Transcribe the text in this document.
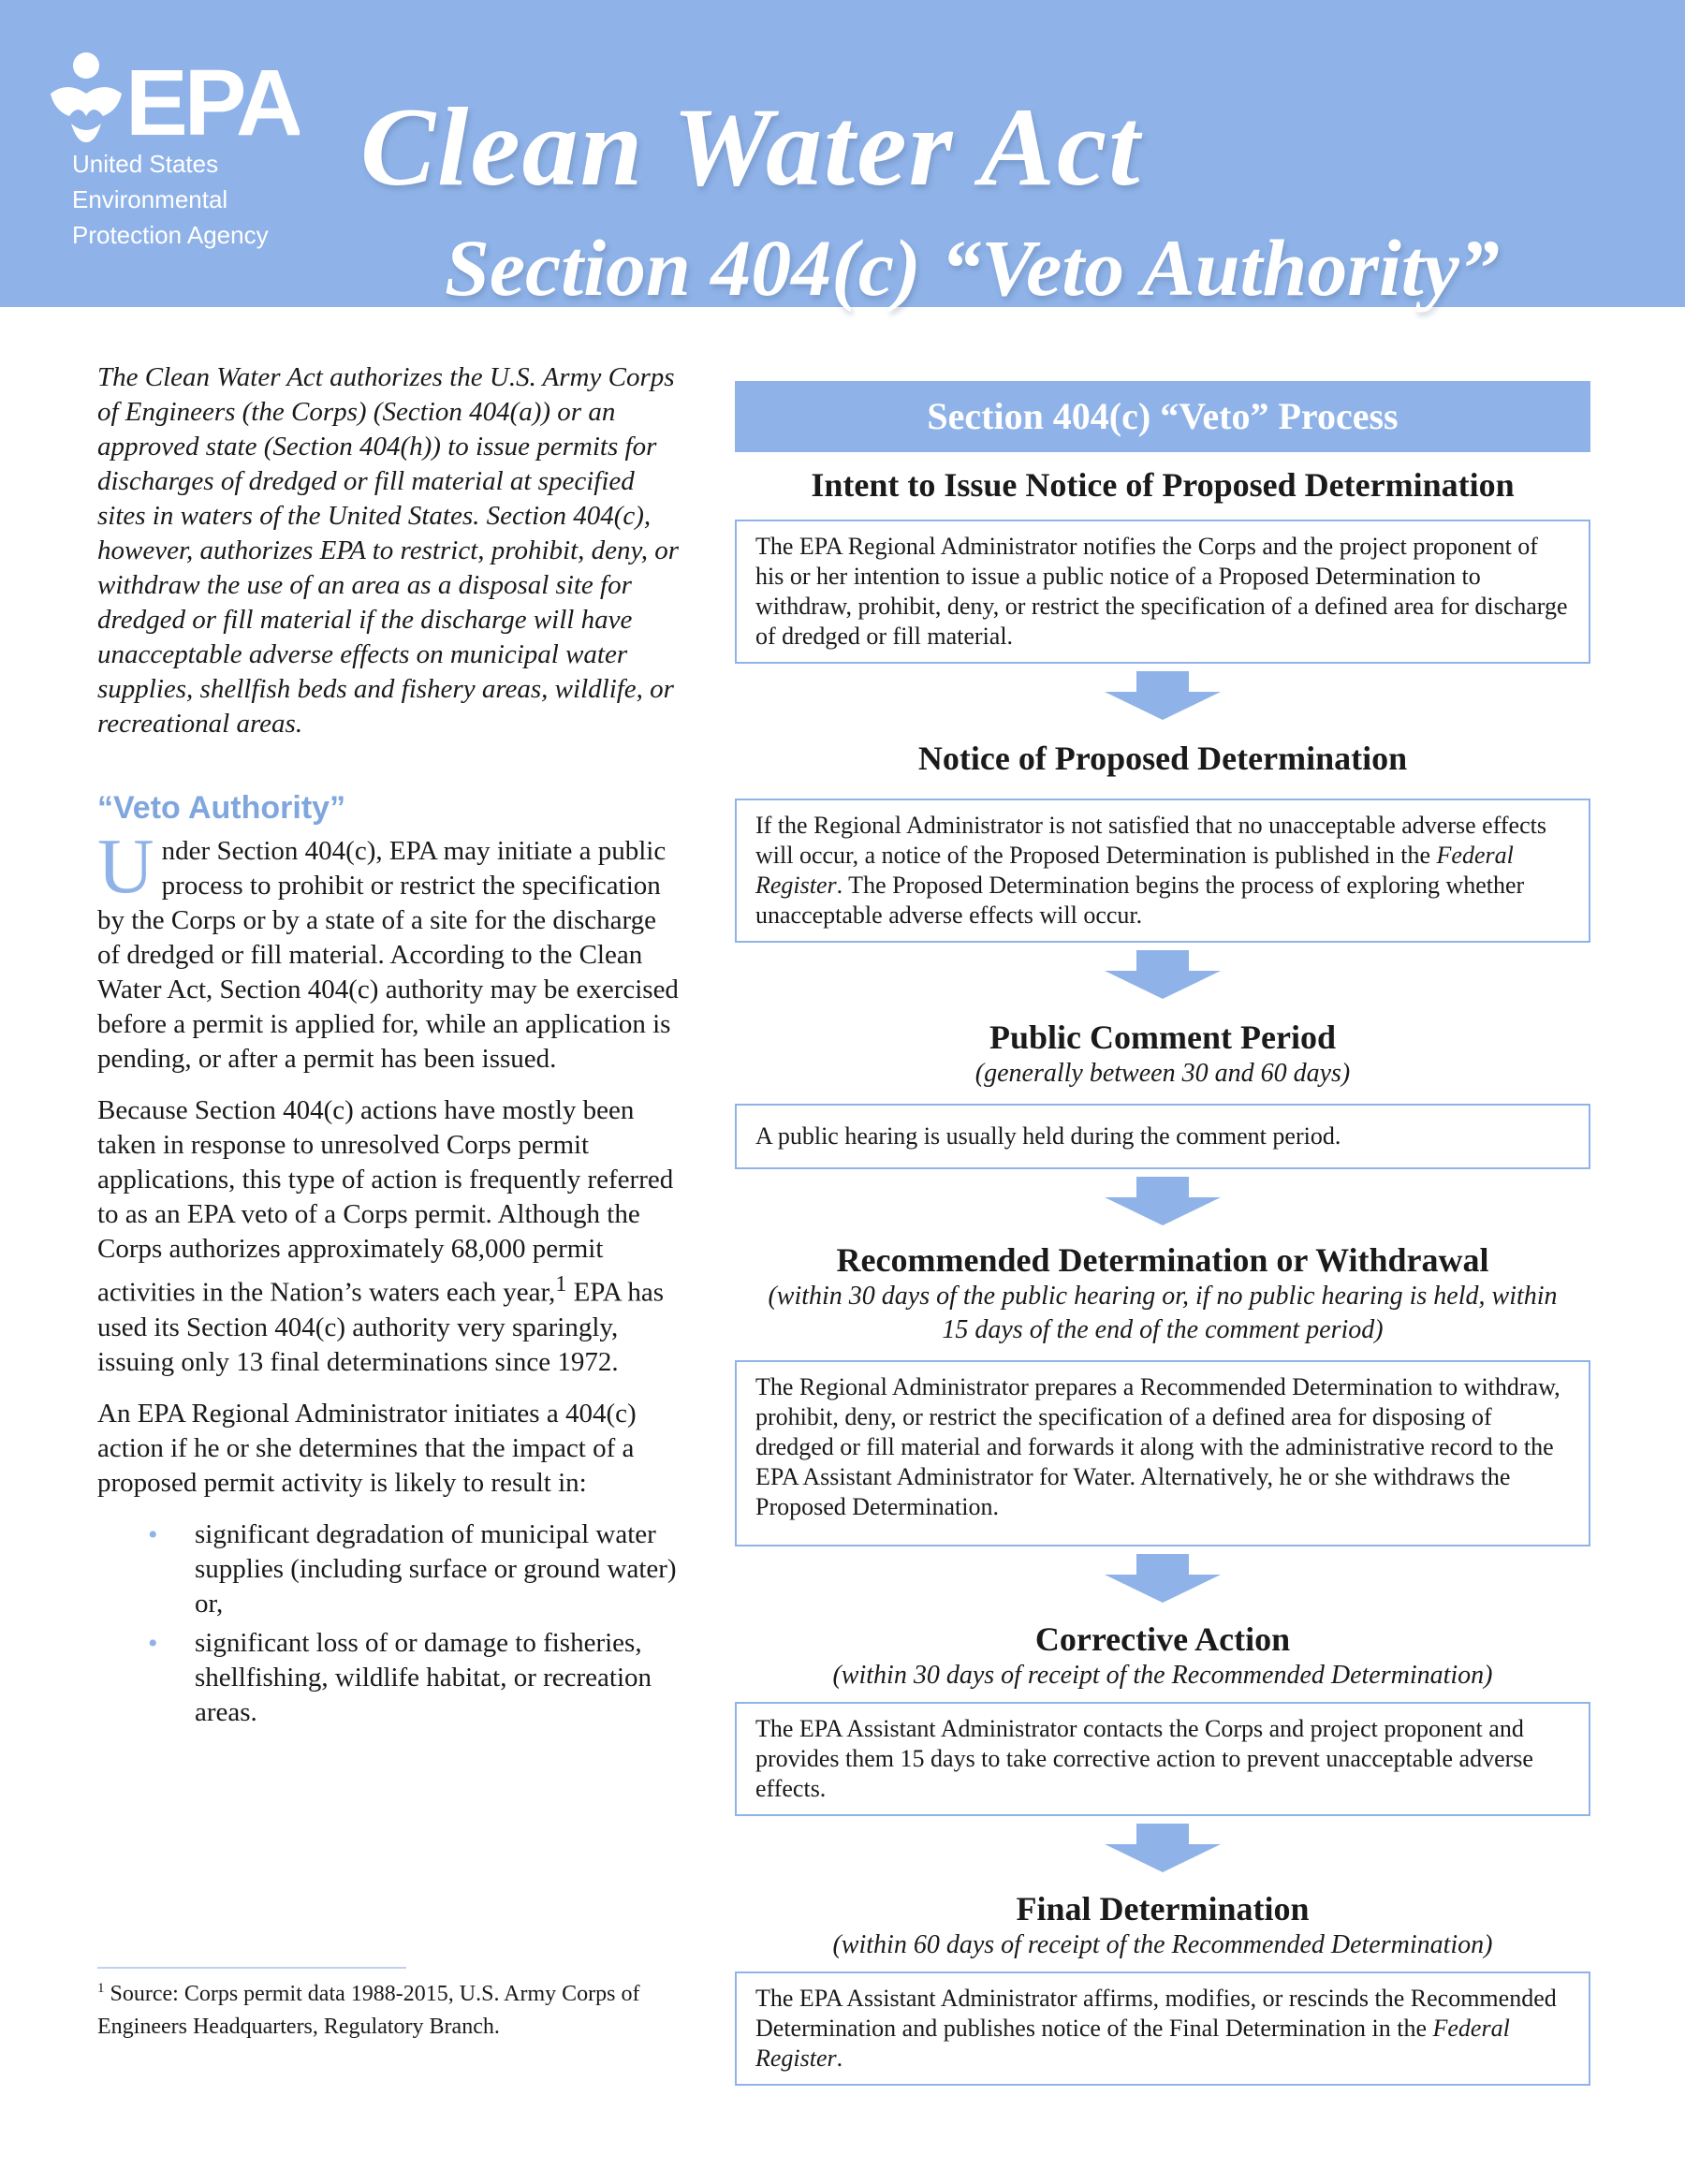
EPA
United States
Environmental
Protection Agency
Clean Water Act
Section 404(c) “Veto Authority”

The Clean Water Act authorizes the U.S. Army Corps of Engineers (the Corps) (Section 404(a)) or an approved state (Section 404(h)) to issue permits for discharges of dredged or fill material at specified sites in waters of the United States. Section 404(c), however, authorizes EPA to restrict, prohibit, deny, or withdraw the use of an area as a disposal site for dredged or fill material if the discharge will have unacceptable adverse effects on municipal water supplies, shellfish beds and fishery areas, wildlife, or recreational areas.

“Veto Authority”

Under Section 404(c), EPA may initiate a public process to prohibit or restrict the specification by the Corps or by a state of a site for the discharge of dredged or fill material. According to the Clean Water Act, Section 404(c) authority may be exercised before a permit is applied for, while an application is pending, or after a permit has been issued.

Because Section 404(c) actions have mostly been taken in response to unresolved Corps permit applications, this type of action is frequently referred to as an EPA veto of a Corps permit. Although the Corps authorizes approximately 68,000 permit activities in the Nation’s waters each year,$^1$ EPA has used its Section 404(c) authority very sparingly, issuing only 13 final determinations since 1972.

An EPA Regional Administrator initiates a 404(c) action if he or she determines that the impact of a proposed permit activity is likely to result in:

• significant degradation of municipal water supplies (including surface or ground water) or,
• significant loss of or damage to fisheries, shellfishing, wildlife habitat, or recreation areas.
$^1$ Source: Corps permit data 1988-2015, U.S. Army Corps of Engineers Headquarters, Regulatory Branch.
Section 404(c) “Veto” Process
Intent to Issue Notice of Proposed Determination
The EPA Regional Administrator notifies the Corps and the project proponent of his or her intention to issue a public notice of a Proposed Determination to withdraw, prohibit, deny, or restrict the specification of a defined area for discharge of dredged or fill material.
Notice of Proposed Determination
If the Regional Administrator is not satisfied that no unacceptable adverse effects will occur, a notice of the Proposed Determination is published in the Federal Register. The Proposed Determination begins the process of exploring whether unacceptable adverse effects will occur.
Public Comment Period
(generally between 30 and 60 days)
A public hearing is usually held during the comment period.
Recommended Determination or Withdrawal
(within 30 days of the public hearing or, if no public hearing is held, within 15 days of the end of the comment period)
The Regional Administrator prepares a Recommended Determination to withdraw, prohibit, deny, or restrict the specification of a defined area for disposing of dredged or fill material and forwards it along with the administrative record to the EPA Assistant Administrator for Water. Alternatively, he or she withdraws the Proposed Determination.
Corrective Action
(within 30 days of receipt of the Recommended Determination)
The EPA Assistant Administrator contacts the Corps and project proponent and provides them 15 days to take corrective action to prevent unacceptable adverse effects.
Final Determination
(within 60 days of receipt of the Recommended Determination)
The EPA Assistant Administrator affirms, modifies, or rescinds the Recommended Determination and publishes notice of the Final Determination in the Federal Register.
